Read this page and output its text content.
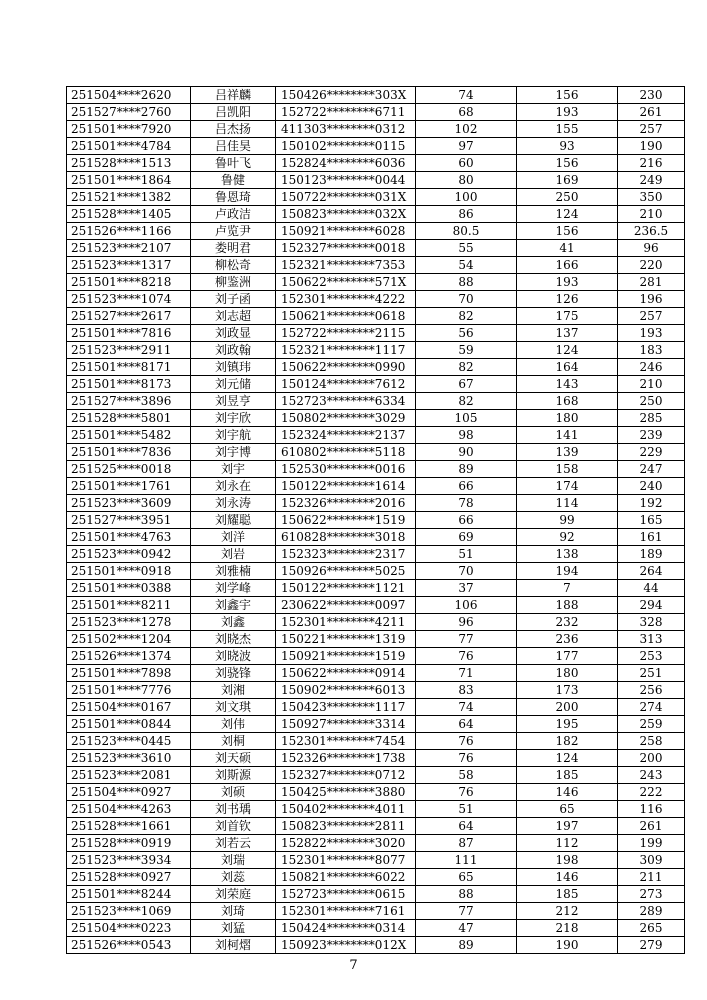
251504****2620	吕祥麟	150426********303X	74	156	230
251527****2760	吕凯阳	152722********6711	68	193	261
251501****7920	吕杰扬	411303********0312	102	155	257
251501****4784	吕佳昊	150102********0115	97	93	190
251528****1513	鲁叶飞	152824********6036	60	156	216
251501****1864	鲁健	150123********0044	80	169	249
251521****1382	鲁恩琦	150722********031X	100	250	350
251528****1405	卢政洁	150823********032X	86	124	210
251526****1166	卢览尹	150921********6028	80.5	156	236.5
251523****2107	娄明君	152327********0018	55	41	96
251523****1317	柳松奇	152321********7353	54	166	220
251501****8218	柳鉴洲	150622********571X	88	193	281
251523****1074	刘子函	152301********4222	70	126	196
251527****2617	刘志超	150621********0618	82	175	257
251501****7816	刘政显	152722********2115	56	137	193
251523****2911	刘政翰	152321********1117	59	124	183
251501****8171	刘镇玮	150622********0990	82	164	246
251501****8173	刘元储	150124********7612	67	143	210
251527****3896	刘昱亨	152723********6334	82	168	250
251528****5801	刘宇欣	150802********3029	105	180	285
251501****5482	刘宇航	152324********2137	98	141	239
251501****7836	刘宇博	610802********5118	90	139	229
251525****0018	刘宇	152530********0016	89	158	247
251501****1761	刘永在	150122********1614	66	174	240
251523****3609	刘永涛	152326********2016	78	114	192
251527****3951	刘耀聪	150622********1519	66	99	165
251501****4763	刘洋	610828********3018	69	92	161
251523****0942	刘岩	152323********2317	51	138	189
251501****0918	刘雅楠	150926********5025	70	194	264
251501****0388	刘学峰	150122********1121	37	7	44
251501****8211	刘鑫宇	230622********0097	106	188	294
251523****1278	刘鑫	152301********4211	96	232	328
251502****1204	刘晓杰	150221********1319	77	236	313
251526****1374	刘晓波	150921********1519	76	177	253
251501****7898	刘骁锋	150622********0914	71	180	251
251501****7776	刘湘	150902********6013	83	173	256
251504****0167	刘文琪	150423********1117	74	200	274
251501****0844	刘伟	150927********3314	64	195	259
251523****0445	刘桐	152301********7454	76	182	258
251523****3610	刘天硕	152326********1738	76	124	200
251523****2081	刘斯源	152327********0712	58	185	243
251504****0927	刘硕	150425********3880	76	146	222
251504****4263	刘书瑀	150402********4011	51	65	116
251528****1661	刘首钦	150823********2811	64	197	261
251528****0919	刘若云	152822********3020	87	112	199
251523****3934	刘瑞	152301********8077	111	198	309
251528****0927	刘蕊	150821********6022	65	146	211
251501****8244	刘荣庭	152723********0615	88	185	273
251523****1069	刘琦	152301********7161	77	212	289
251504****0223	刘猛	150424********0314	47	218	265
251526****0543	刘柯熠	150923********012X	89	190	279
7
